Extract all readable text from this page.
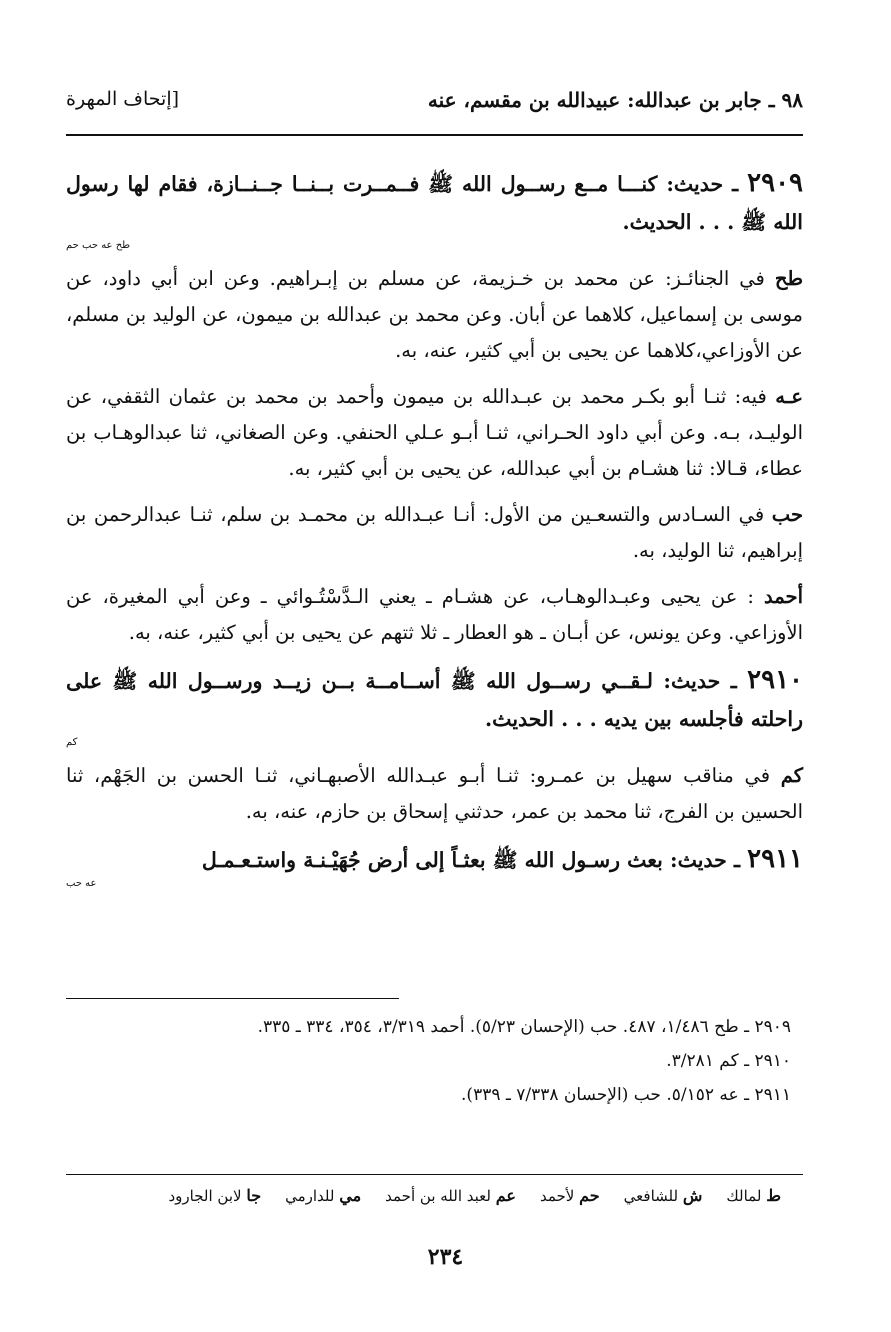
٩٨ ـ جابر بن عبدالله: عبيدالله بن مقسم، عنه
[إتحاف المهرة

٢٩٠٩ ـ حديث: كنـــا مــع رســول الله ﷺ فــمــرت بــنــا جــنــازة، فقام لها رسول الله ﷺ . . . الحديث.
طح عه حب حم

طح في الجنائـز: عن محمد بن خـزيمة، عن مسلم بن إبـراهيم. وعن ابن أبي داود، عن موسى بن إسماعيل، كلاهما عن أبان. وعن محمد بن عبدالله بن ميمون، عن الوليد بن مسلم، عن الأوزاعي،كلاهما عن يحيى بن أبي كثير، عنه، به.

عـه فيه: ثنـا أبو بكـر محمد بن عبـدالله بن ميمون وأحمد بن محمد بن عثمان الثقفي، عن الوليـد، بـه. وعن أبي داود الحـراني، ثنـا أبـو عـلي الحنفي. وعن الصغاني، ثنا عبدالوهـاب بن عطاء، قـالا: ثنا هشـام بن أبي عبدالله، عن يحيى بن أبي كثير، به.

حب في السـادس والتسعـين من الأول: أنـا عبـدالله بن محمـد بن سلم، ثنـا عبدالرحمن بن إبراهيم، ثنا الوليد، به.

أحمد : عن يحيى وعبـدالوهـاب، عن هشـام ـ يعني الـدَّسْتُـوائي ـ وعن أبي المغيرة، عن الأوزاعي. وعن يونس، عن أبـان ـ هو العطار ـ ثلا ثتهم عن يحيى بن أبي كثير، عنه، به.

٢٩١٠ ـ حديث: لـقــي رســول الله ﷺ أســامــة بــن زيــد ورســول الله ﷺ على راحلته فأجلسه بين يديه . . . الحديث.
كم

كم في مناقب سهيل بن عمـرو: ثنـا أبـو عبـدالله الأصبهـاني، ثنـا الحسن بن الجَهْم، ثنا الحسين بن الفرج، ثنا محمد بن عمر، حدثني إسحاق بن حازم، عنه، به.

٢٩١١ ـ حديث: بعث رسـول الله ﷺ بعثـاً إلى أرض جُهَيْـنـة واستـعـمـل
عه حب

٢٩٠٩ ـ طح ١/٤٨٦، ٤٨٧. حب (الإحسان ٥/٢٣). أحمد ٣/٣١٩، ٣٥٤، ٣٣٤ ـ ٣٣٥.
٢٩١٠ ـ كم ٣/٢٨١.
٢٩١١ ـ عه ٥/١٥٢. حب (الإحسان ٧/٣٣٨ ـ ٣٣٩).
ط لمالك
ش للشافعي
حم لأحمد
عم لعبد الله بن أحمد
مي للدارمي
جا لابن الجارود
٢٣٤
